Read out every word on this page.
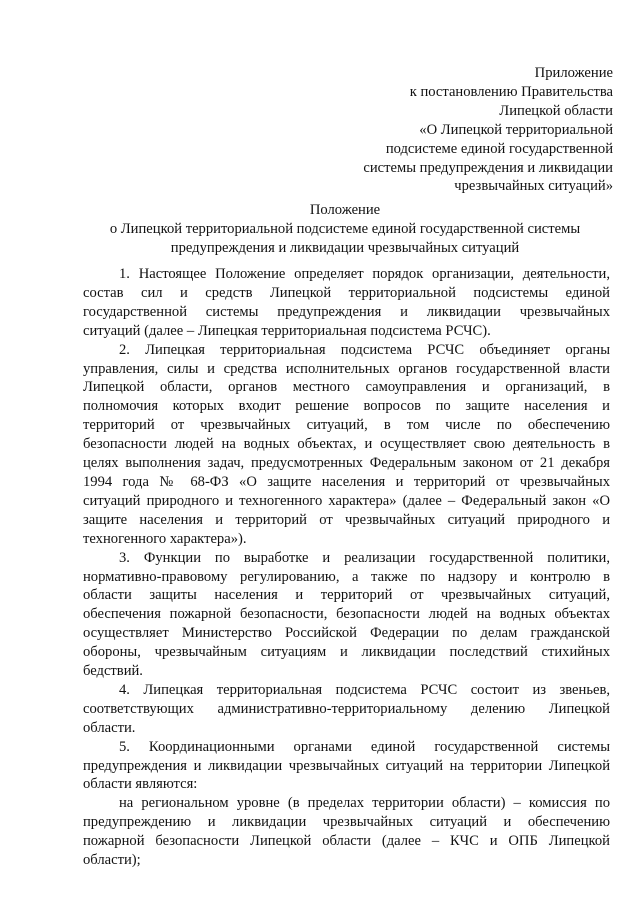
Приложение
к постановлению Правительства
Липецкой области
«О Липецкой территориальной
подсистеме единой государственной
системы предупреждения и ликвидации
чрезвычайных ситуаций»
Положение
о Липецкой территориальной подсистеме единой государственной системы
предупреждения и ликвидации чрезвычайных ситуаций
1. Настоящее Положение определяет порядок организации, деятельности,
состав сил и средств Липецкой территориальной подсистемы единой
государственной системы предупреждения и ликвидации чрезвычайных
ситуаций (далее – Липецкая территориальная подсистема РСЧС).
2. Липецкая территориальная подсистема РСЧС объединяет органы
управления, силы и средства исполнительных органов государственной власти
Липецкой области, органов местного самоуправления и организаций, в
полномочия которых входит решение вопросов по защите населения и
территорий от чрезвычайных ситуаций, в том числе по обеспечению
безопасности людей на водных объектах, и осуществляет свою деятельность в
целях выполнения задач, предусмотренных Федеральным законом от 21 декабря
1994 года № 68-ФЗ «О защите населения и территорий от чрезвычайных
ситуаций природного и техногенного характера» (далее – Федеральный закон «О
защите населения и территорий от чрезвычайных ситуаций природного и
техногенного характера»).
3. Функции по выработке и реализации государственной политики,
нормативно-правовому регулированию, а также по надзору и контролю в
области защиты населения и территорий от чрезвычайных ситуаций,
обеспечения пожарной безопасности, безопасности людей на водных объектах
осуществляет Министерство Российской Федерации по делам гражданской
обороны, чрезвычайным ситуациям и ликвидации последствий стихийных
бедствий.
4. Липецкая территориальная подсистема РСЧС состоит из звеньев,
соответствующих административно-территориальному делению Липецкой
области.
5. Координационными органами единой государственной системы
предупреждения и ликвидации чрезвычайных ситуаций на территории Липецкой
области являются:
на региональном уровне (в пределах территории области) – комиссия по
предупреждению и ликвидации чрезвычайных ситуаций и обеспечению
пожарной безопасности Липецкой области (далее – КЧС и ОПБ Липецкой
области);
